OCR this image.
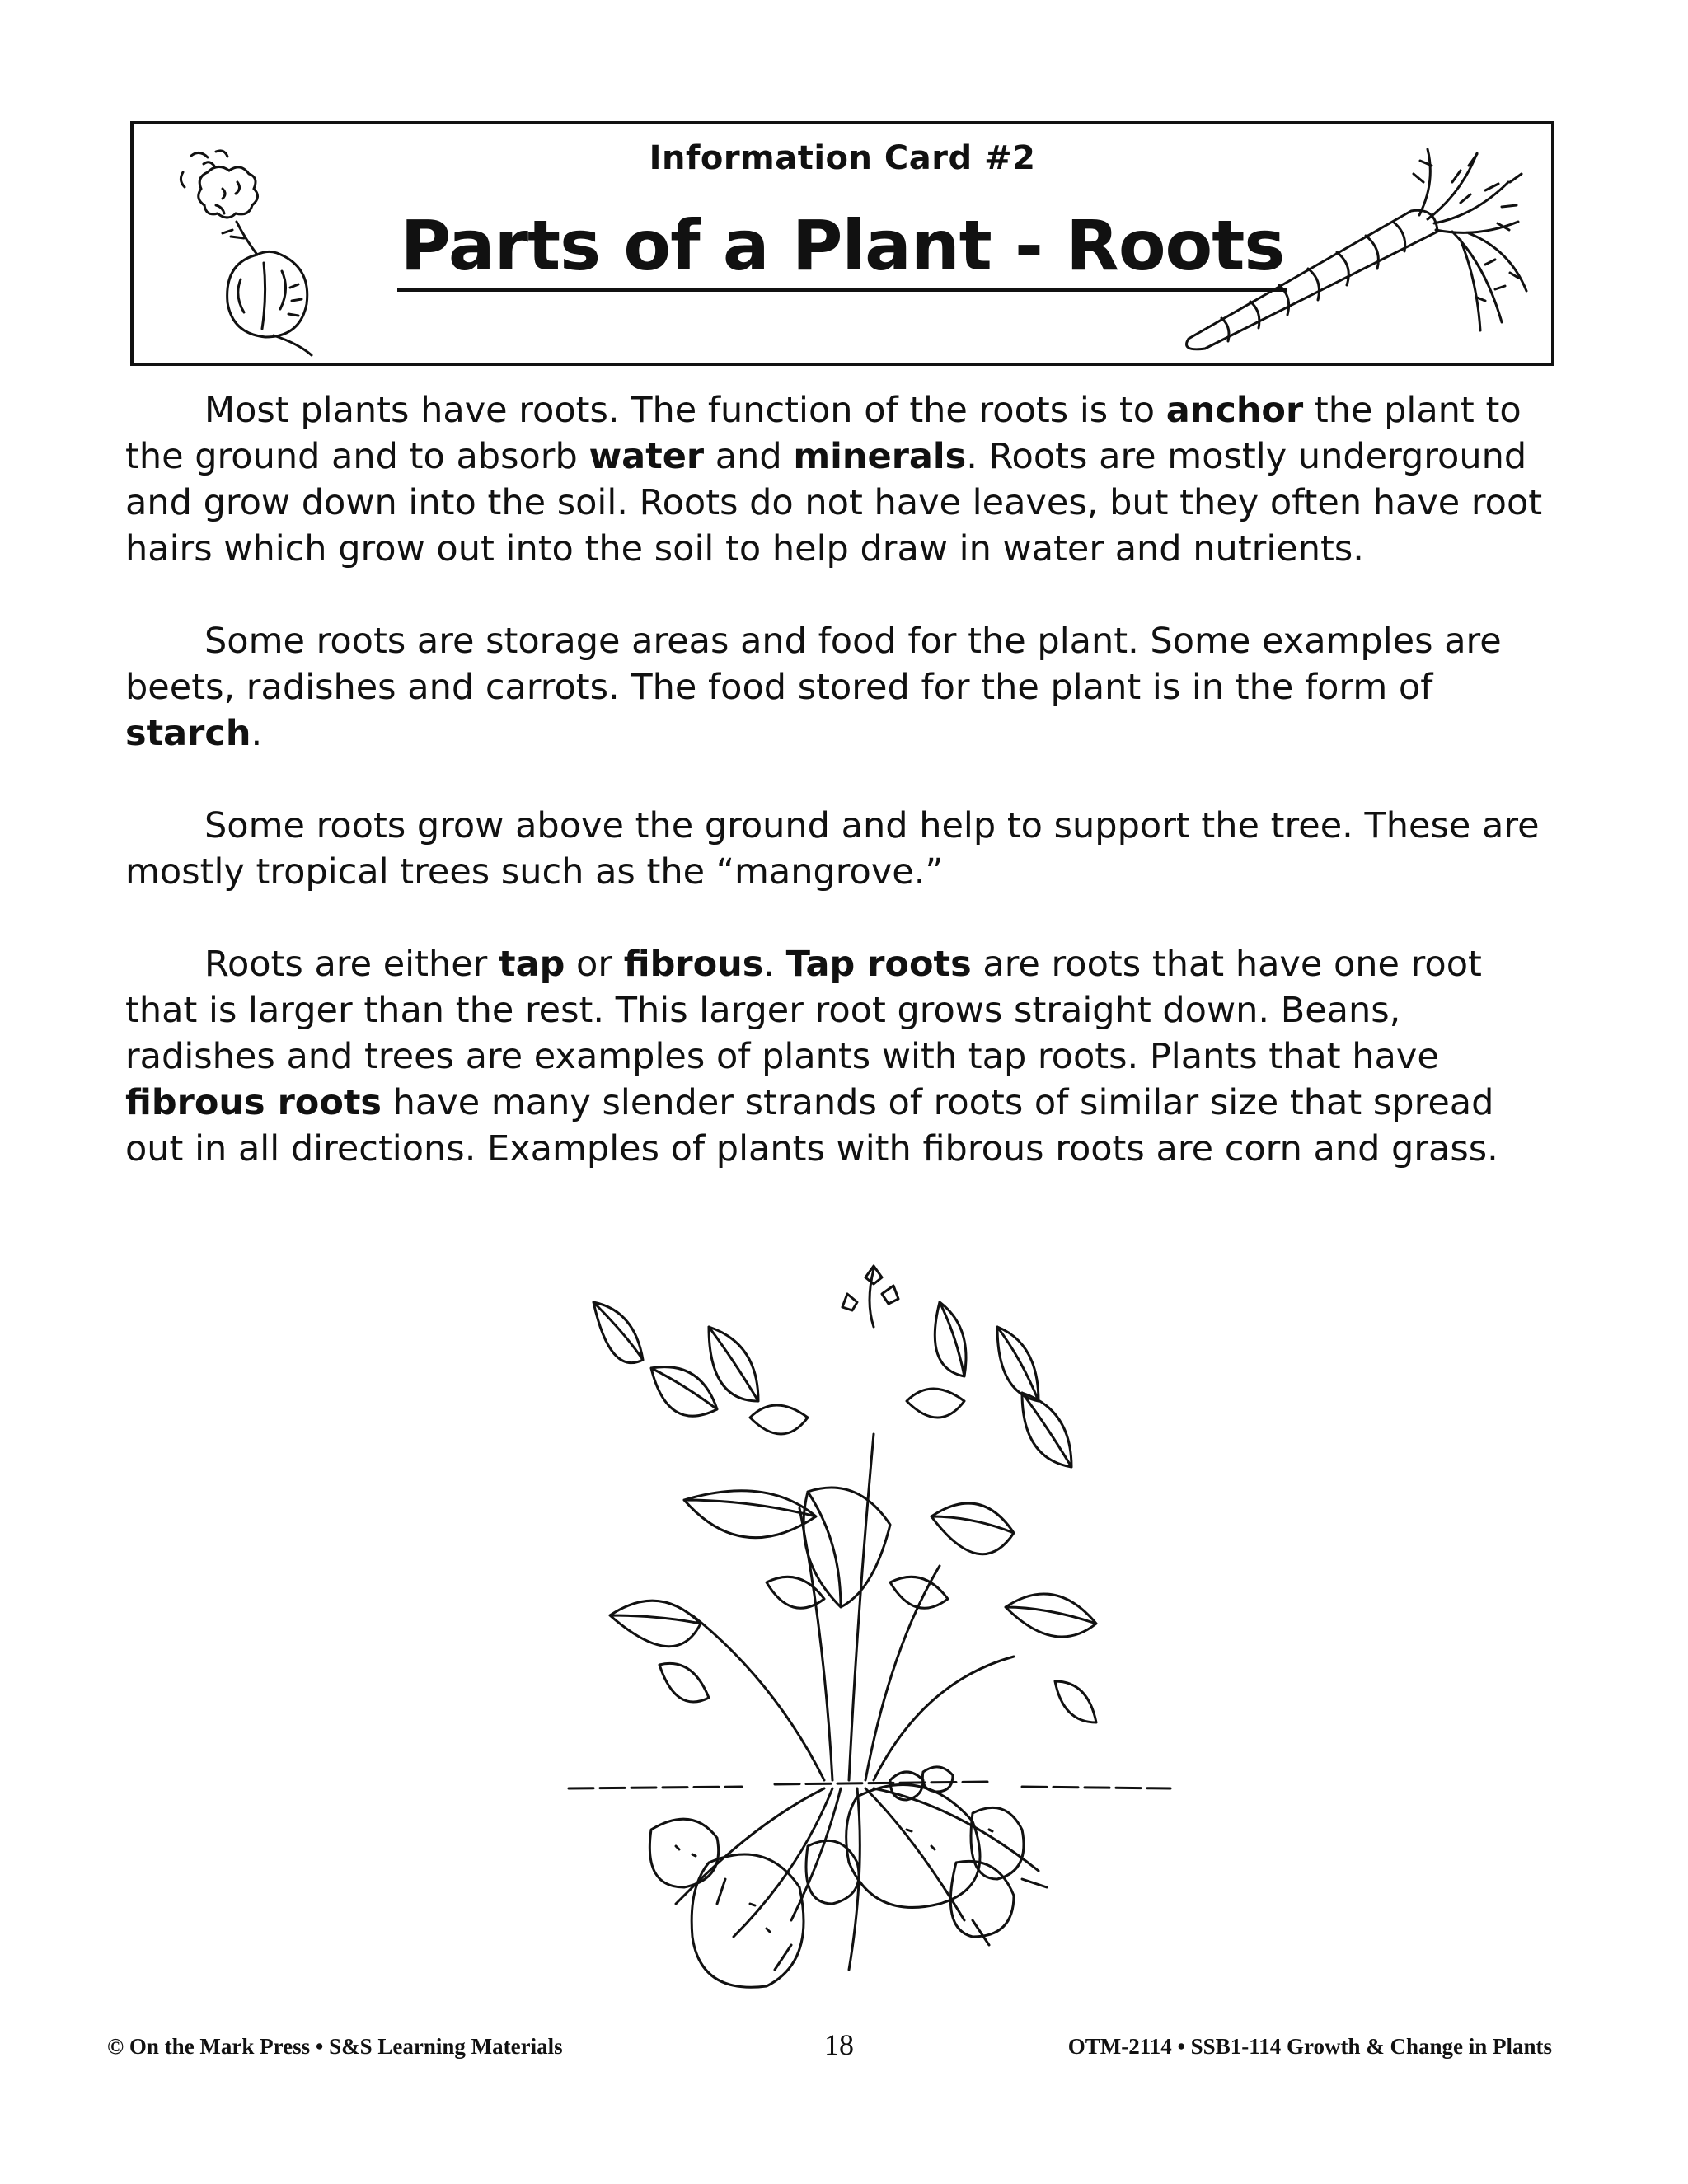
Information Card #2
Parts of a Plant - Roots

Most plants have roots. The function of the roots is to anchor the plant to the ground and to absorb water and minerals. Roots are mostly underground and grow down into the soil. Roots do not have leaves, but they often have root hairs which grow out into the soil to help draw in water and nutrients.

Some roots are storage areas and food for the plant. Some examples are beets, radishes and carrots. The food stored for the plant is in the form of starch.

Some roots grow above the ground and help to support the tree. These are mostly tropical trees such as the “mangrove.”

Roots are either tap or fibrous. Tap roots are roots that have one root that is larger than the rest. This larger root grows straight down. Beans, radishes and trees are examples of plants with tap roots. Plants that have fibrous roots have many slender strands of roots of similar size that spread out in all directions. Examples of plants with fibrous roots are corn and grass.

© On the Mark Press • S&S Learning Materials	18	OTM-2114 • SSB1-114 Growth & Change in Plants
